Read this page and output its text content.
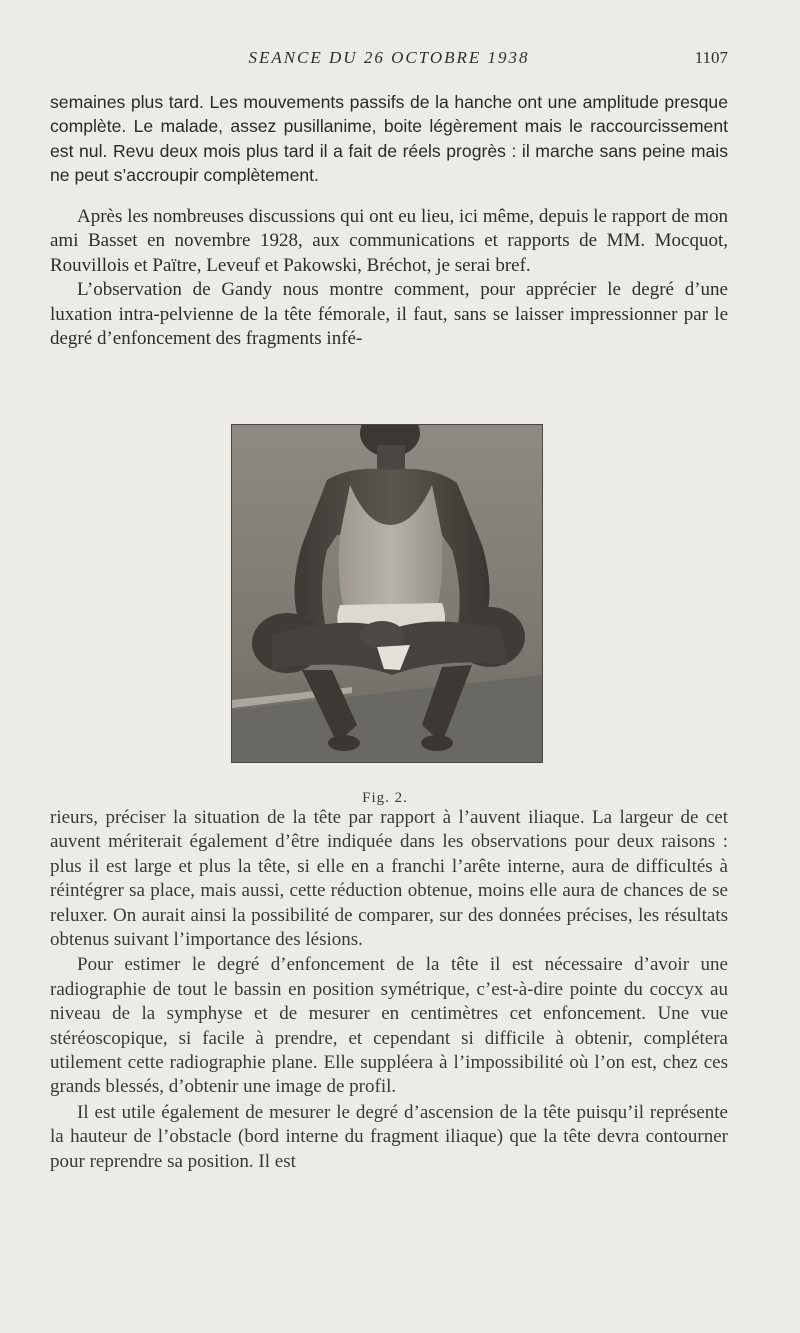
SEANCE DU 26 OCTOBRE 1938	1107

semaines plus tard. Les mouvements passifs de la hanche ont une amplitude presque complète. Le malade, assez pusillanime, boite légèrement mais le raccourcissement est nul. Revu deux mois plus tard il a fait de réels progrès : il marche sans peine mais ne peut s’accroupir complètement.

Après les nombreuses discussions qui ont eu lieu, ici même, depuis le rapport de mon ami Basset en novembre 1928, aux communications et rapports de MM. Mocquot, Rouvillois et Païtre, Leveuf et Pakowski, Bréchot, je serai bref.

L’observation de Gandy nous montre comment, pour apprécier le degré d’une luxation intra-pelvienne de la tête fémorale, il faut, sans se laisser impressionner par le degré d’enfoncement des fragments infé-

Fig. 2.

rieurs, préciser la situation de la tête par rapport à l’auvent iliaque. La largeur de cet auvent mériterait également d’être indiquée dans les observations pour deux raisons : plus il est large et plus la tête, si elle en a franchi l’arête interne, aura de difficultés à réintégrer sa place, mais aussi, cette réduction obtenue, moins elle aura de chances de se reluxer. On aurait ainsi la possibilité de comparer, sur des données précises, les résultats obtenus suivant l’importance des lésions.

Pour estimer le degré d’enfoncement de la tête il est nécessaire d’avoir une radiographie de tout le bassin en position symétrique, c’est-à-dire pointe du coccyx au niveau de la symphyse et de mesurer en centimètres cet enfoncement. Une vue stéréoscopique, si facile à prendre, et cependant si difficile à obtenir, complétera utilement cette radiographie plane. Elle suppléera à l’impossibilité où l’on est, chez ces grands blessés, d’obtenir une image de profil.

Il est utile également de mesurer le degré d’ascension de la tête puisqu’il représente la hauteur de l’obstacle (bord interne du fragment iliaque) que la tête devra contourner pour reprendre sa position. Il est
